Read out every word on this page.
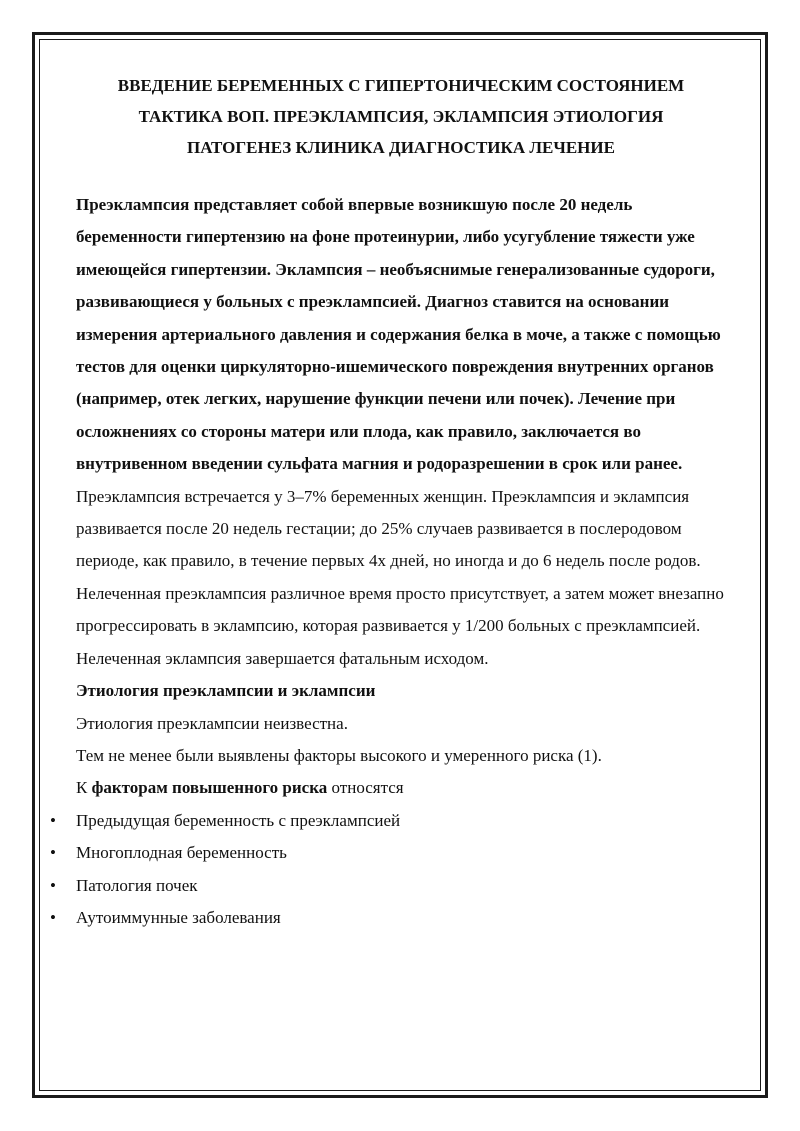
ВВЕДЕНИЕ БЕРЕМЕННЫХ С ГИПЕРТОНИЧЕСКИМ СОСТОЯНИЕМ
ТАКТИКА ВОП. ПРЕЭКЛАМПСИЯ, ЭКЛАМПСИЯ ЭТИОЛОГИЯ
ПАТОГЕНЕЗ КЛИНИКА ДИАГНОСТИКА ЛЕЧЕНИЕ

Преэклампсия представляет собой впервые возникшую после 20 недель беременности гипертензию на фоне протеинурии, либо усугубление тяжести уже имеющейся гипертензии. Эклампсия – необъяснимые генерализованные судороги, развивающиеся у больных с преэклампсией. Диагноз ставится на основании измерения артериального давления и содержания белка в моче, а также с помощью тестов для оценки циркуляторно-ишемического повреждения внутренних органов (например, отек легких, нарушение функции печени или почек). Лечение при осложнениях со стороны матери или плода, как правило, заключается во внутривенном введении сульфата магния и родоразрешении в срок или ранее.

Преэклампсия встречается у 3–7% беременных женщин. Преэклампсия и эклампсия развивается после 20 недель гестации; до 25% случаев развивается в послеродовом периоде, как правило, в течение первых 4х дней, но иногда и до 6 недель после родов.

Нелеченная преэклампсия различное время просто присутствует, а затем может внезапно прогрессировать в эклампсию, которая развивается у 1/200 больных с преэклампсией. Нелеченная эклампсия завершается фатальным исходом.

Этиология преэклампсии и эклампсии

Этиология преэклампсии неизвестна.

Тем не менее были выявлены факторы высокого и умеренного риска (1).

К факторам повышенного риска относятся

• Предыдущая беременность с преэклампсией
• Многоплодная беременность
• Патология почек
• Аутоиммунные заболевания
